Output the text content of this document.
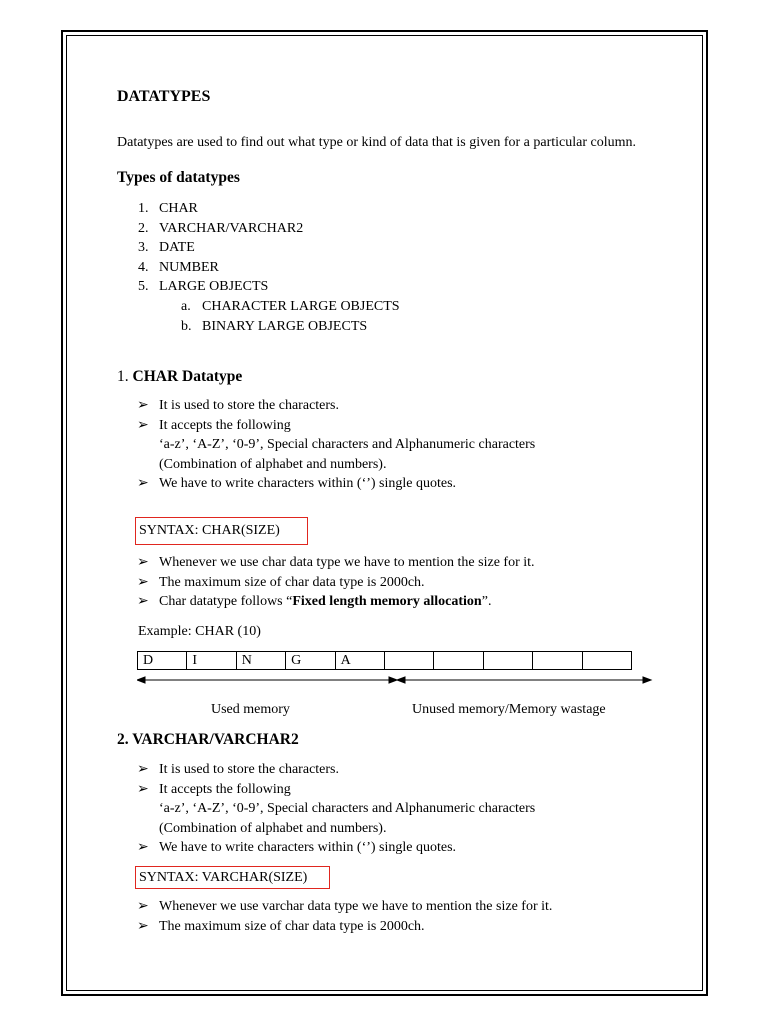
DATATYPES

Datatypes are used to find out what type or kind of data that is given for a particular column.

Types of datatypes
1. CHAR
2. VARCHAR/VARCHAR2
3. DATE
4. NUMBER
5. LARGE OBJECTS
a. CHARACTER LARGE OBJECTS
b. BINARY LARGE OBJECTS
1. CHAR Datatype
➢ It is used to store the characters.
➢ It accepts the following
‘a-z’, ‘A-Z’, ‘0-9’, Special characters and Alphanumeric characters
(Combination of alphabet and numbers).
➢ We have to write characters within (‘’) single quotes.
SYNTAX: CHAR(SIZE)
➢ Whenever we use char data type we have to mention the size for it.
➢ The maximum size of char data type is 2000ch.
➢ Char datatype follows “Fixed length memory allocation”.
Example: CHAR (10)
D	I	N	G	A					
Used memory	Unused memory/Memory wastage
2. VARCHAR/VARCHAR2
➢ It is used to store the characters.
➢ It accepts the following
‘a-z’, ‘A-Z’, ‘0-9’, Special characters and Alphanumeric characters
(Combination of alphabet and numbers).
➢ We have to write characters within (‘’) single quotes.
SYNTAX: VARCHAR(SIZE)
➢ Whenever we use varchar data type we have to mention the size for it.
➢ The maximum size of char data type is 2000ch.
